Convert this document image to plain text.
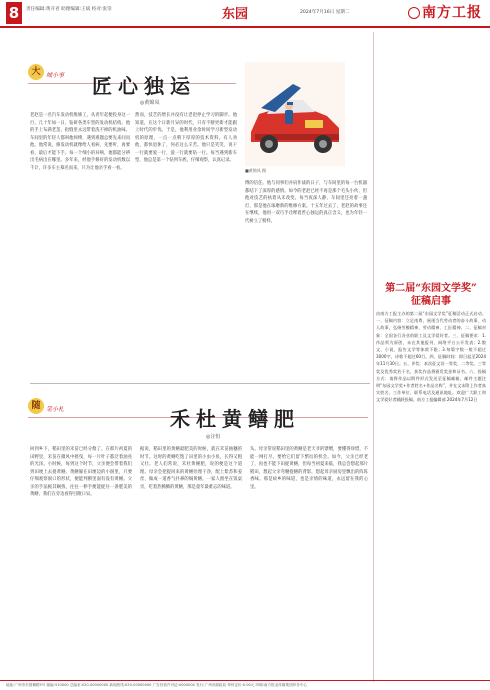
8	责任编辑:黄开君 助理编辑:王斌 校对:张崇	东园	2024年7月16日 星期二	南方工报
大 城小事 匠心独运
◎黄锦凤
老赵是一名汽车发动机维修工，从青年起便投身这一行，几十年如一日，钻研各类车型的发动机结构。他的手上布满老茧，指缝里永远带着洗不掉的机油味。车间里的年轻人都叫他师傅，遇到难题总要先来问问他。他常说，修发动机就像给人看病，先要听，再要看，最后才能下手。每一个细小的异响，他都能分辨出毛病出在哪里。多年来，经他手修好的发动机数以千计，许多车主慕名而来，只为让他亲手看一看。
然而，技艺的增长并没有让老赵停止学习的脚步。他知道，在这个日新月异的时代，只有不断更新才能跟上时代的步伐。于是，他利用业余时间学习新型发动机的原理，一点一点啃下厚厚的技术资料。有人劝他，都快退休了，何必这么辛苦。他只是笑笑，说干一行就要爱一行，爱一行就要钻一行。每当遇到新车型，他总是第一个钻到车底，仔细观察，认真记录。
傅的信任。他与同事们并肩作战的日子，与车间里的每一台机器都结下了深厚的感情。如今的老赵已经不再是那个毛头小伙，但他对技艺的执着从未改变。每当夜深人静，车间里还亮着一盏灯，那是他在琢磨新的维修方案。十五年过去了，老赵的故事还在继续，他用一双巧手诠释着匠心独运的真正含义，也为年轻一代树立了榜样。
■黄锦凤 摄
随 笔小札	禾杜黄鳝肥
◎汪恒
回到乡下，稻田里的禾苗已经分蘖了。在那片初夏的田野里，禾苗在微风中摇曳，每一片叶子都泛着油亮的光泽。小时候，每到这个时节，父亲便会带着我们到田埂上去捉黄鳝。黄鳝躲在田埂边的小洞里，只要仔细观察洞口的形状，便能判断里面有没有黄鳝。父亲的手法极其娴熟，往往一伸手便能捉住一条肥美的黄鳝，我们在旁边看得目瞪口呆。
据说，稻田里的黄鳝最肥美的时候，就在禾苗抽穗的时节。这时的黄鳝吃饱了田里的小虫小鱼，长得又粗又壮。老人们常说，禾杜黄鳝肥，说的便是这个道理。母亲会把捉回来的黄鳝处理干净，配上紫苏和姜丝，做成一道香气扑鼻的焖黄鳝。一家人围坐在饭桌旁，吃着热腾腾的黄鳝，那是童年最难忘的味道。
头。母亲常说稻田里的黄鳝是老天爷的馈赠，要懂得珍惜，不能一网打尽，要给它们留下繁衍的机会。如今，父亲已经老了，再也不能下田捉黄鳝，但每当初夏来临，我总会想起那片稻田，想起父亲弯腰捉鳝的背影，想起母亲厨房里飘出的阵阵香味。那是故乡的味道，也是亲情的味道，永远留在我的心里。
第二届“东园文学奖”
征稿启事
由南方工报主办的第二届“东园文学奖”征稿活动正式启动。一、征稿内容：立足南粤，展现当代劳动者的奋斗故事、动人故事，弘扬劳模精神、劳动精神、工匠精神。二、征稿对象：全国各行各业的职工及文学爱好者。三、征稿要求：1.作品须为原创，未在其他报刊、网络平台公开发表；2.散文、小说、报告文学等体裁不限；3.每篇字数一般不超过3000字，诗歌不超过60行。四、征稿时间：即日起至2024年11月30日。五、评奖：本次征文设一等奖、二等奖、三等奖及优秀奖若干名，获奖作品将颁发奖金和证书。六、投稿方式：请将作品以附件形式发送至征稿邮箱，邮件主题注明“东园文学奖+作者姓名+作品名称”，并在文末附上作者真实姓名、工作单位、联系电话及通讯地址。欢迎广大职工和文学爱好者踊跃投稿。南方工报编辑部 2024年7月12日
地址:广州市东园横路5号 邮编:510000 总编室:020-00000000 新闻热线:020-00000000 广告经营许可证:0000000 发行:广州市邮政局 每份定价:0.00元 印刷:南方报业传媒集团印务中心
